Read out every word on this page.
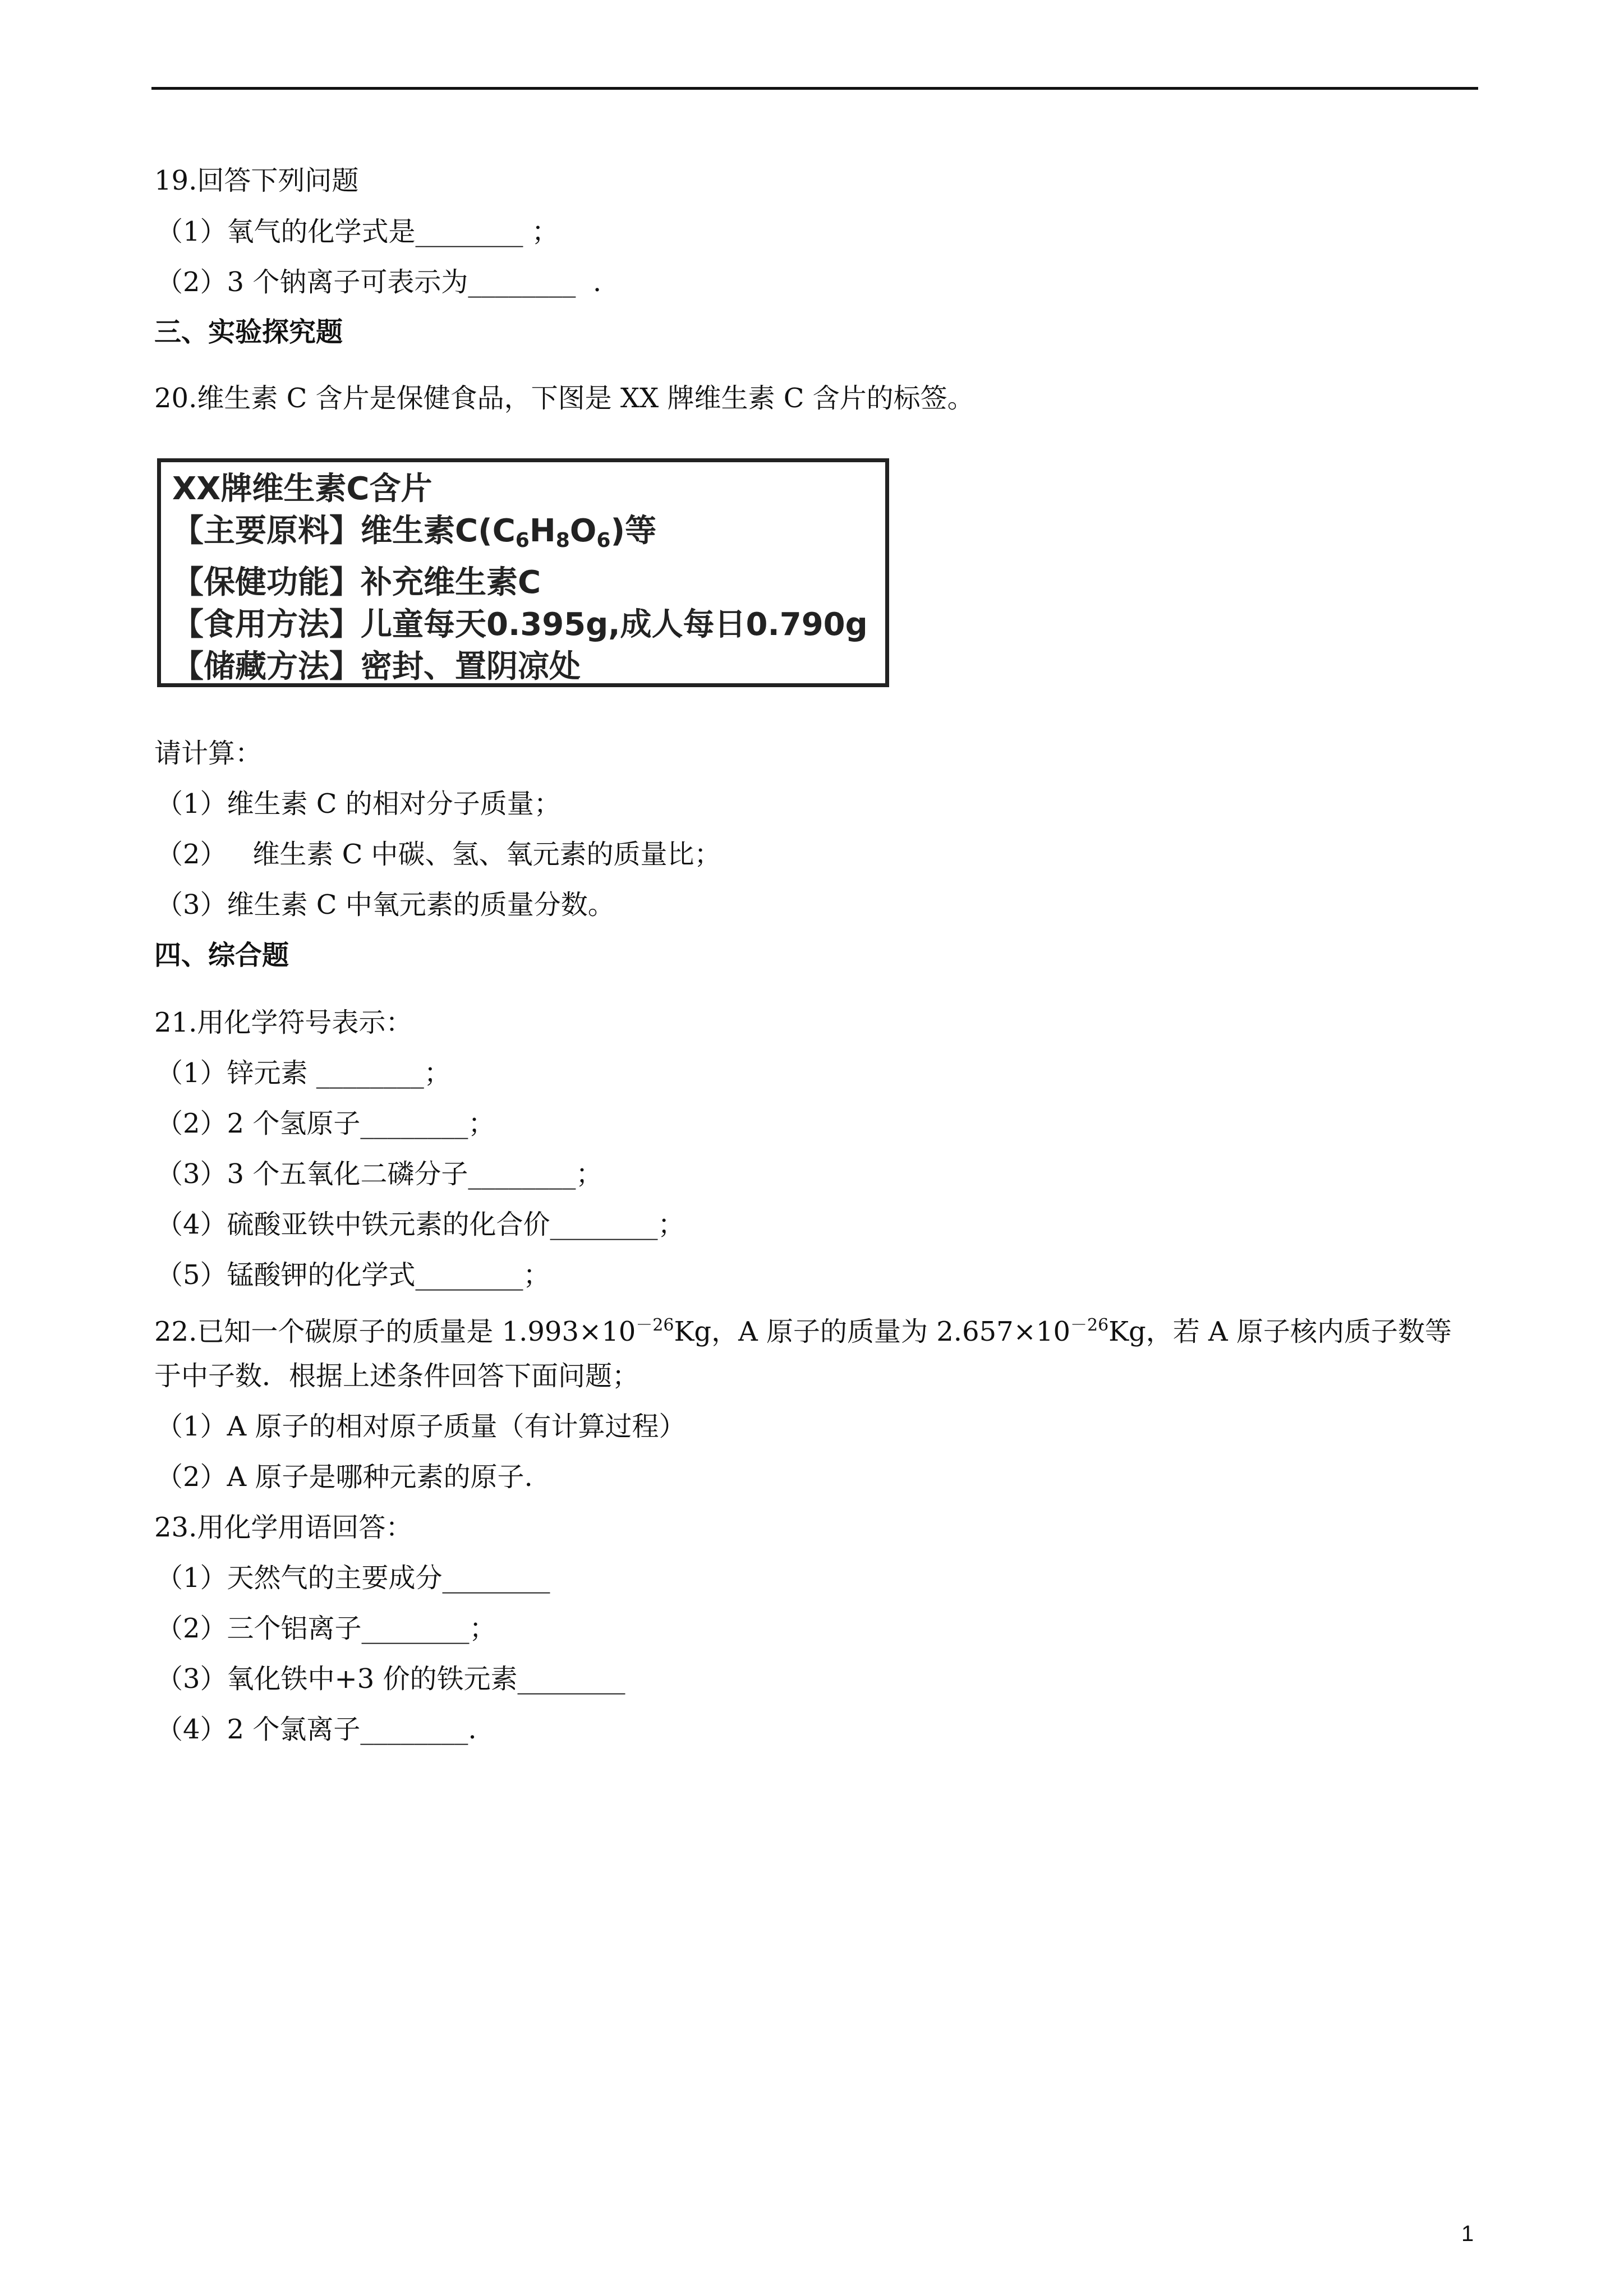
19.回答下列问题
（1）氧气的化学式是________ ；
（2）3 个钠离子可表示为________  .
三、实验探究题
20.维生素 C 含片是保健食品，下图是 XX 牌维生素 C 含片的标签。
XX牌维生素C含片
【主要原料】维生素C(C6H8O6)等
【保健功能】补充维生素C
【食用方法】儿童每天0.395g,成人每日0.790g
【储藏方法】密封、置阴凉处
请计算：
（1）维生素 C 的相对分子质量；
（2）   维生素 C 中碳、氢、氧元素的质量比；
（3）维生素 C 中氧元素的质量分数。
四、综合题
21.用化学符号表示：
（1）锌元素 ________；
（2）2 个氢原子________；
（3）3 个五氧化二磷分子________；
（4）硫酸亚铁中铁元素的化合价________；
（5）锰酸钾的化学式________；
22.已知一个碳原子的质量是 $1.993\times 10^{-26}Kg$，A 原子的质量为 $2.657\times 10^{-26}Kg$，若 A 原子核内质子数等
于中子数．根据上述条件回答下面问题；
（1）A 原子的相对原子质量（有计算过程）
（2）A 原子是哪种元素的原子.
23.用化学用语回答：
（1）天然气的主要成分________
（2）三个铝离子________；
（3）氧化铁中+3 价的铁元素________
（4）2 个氯离子________.
1
